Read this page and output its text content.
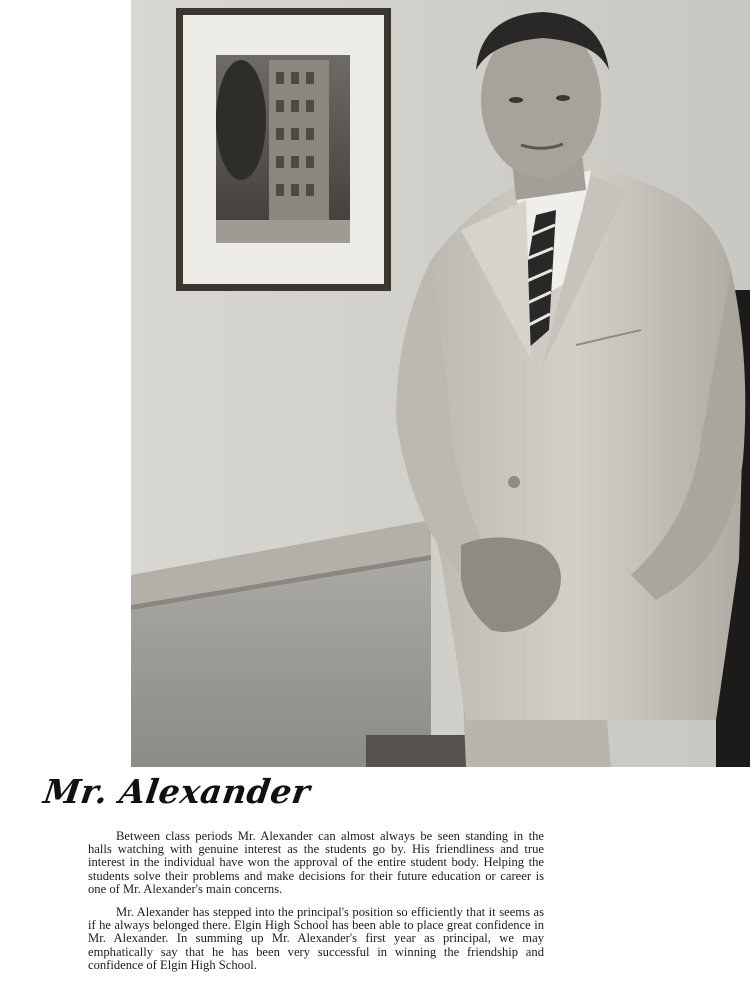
Mr. Alexander

Between class periods Mr. Alexander can almost always be seen standing in the halls watching with genuine interest as the students go by. His friendliness and true interest in the individual have won the approval of the entire student body. Helping the students solve their problems and make decisions for their future education or career is one of Mr. Alexander's main concerns.

Mr. Alexander has stepped into the principal's position so efficiently that it seems as if he always belonged there. Elgin High School has been able to place great confidence in Mr. Alexander. In summing up Mr. Alexander's first year as principal, we may emphatically say that he has been very successful in winning the friendship and confidence of Elgin High School.
